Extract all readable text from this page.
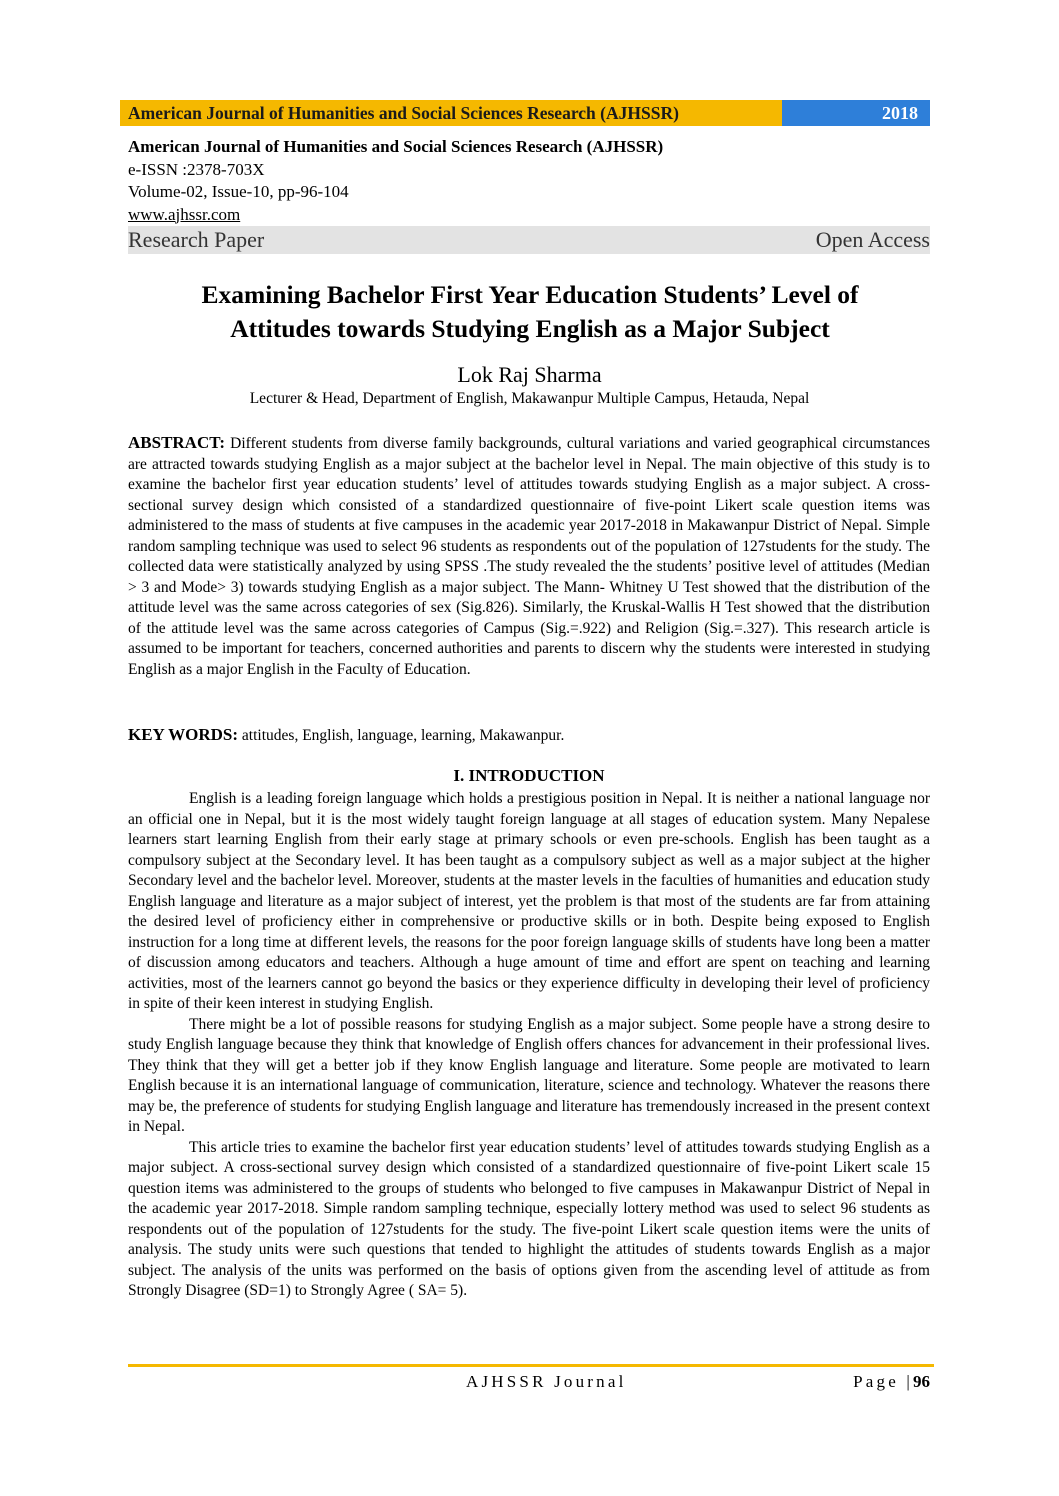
American Journal of Humanities and Social Sciences Research (AJHSSR)	2018
American Journal of Humanities and Social Sciences Research (AJHSSR)
e-ISSN :2378-703X
Volume-02, Issue-10, pp-96-104
www.ajhssr.com
Research Paper	Open Access
Examining Bachelor First Year Education Students’ Level of
Attitudes towards Studying English as a Major Subject
Lok Raj Sharma
Lecturer & Head, Department of English, Makawanpur Multiple Campus, Hetauda, Nepal

ABSTRACT: Different students from diverse family backgrounds, cultural variations and varied geographical circumstances are attracted towards studying English as a major subject at the bachelor level in Nepal. The main objective of this study is to examine the bachelor first year education students’ level of attitudes towards studying English as a major subject. A cross-sectional survey design which consisted of a standardized questionnaire of five-point Likert scale question items was administered to the mass of students at five campuses in the academic year 2017-2018 in Makawanpur District of Nepal. Simple random sampling technique was used to select 96 students as respondents out of the population of 127students for the study. The collected data were statistically analyzed by using SPSS .The study revealed the the students’ positive level of attitudes (Median > 3 and Mode> 3) towards studying English as a major subject. The Mann- Whitney U Test showed that the distribution of the attitude level was the same across categories of sex (Sig.826). Similarly, the Kruskal-Wallis H Test showed that the distribution of the attitude level was the same across categories of Campus (Sig.=.922) and Religion (Sig.=.327). This research article is assumed to be important for teachers, concerned authorities and parents to discern why the students were interested in studying English as a major English in the Faculty of Education.

KEY WORDS: attitudes, English, language, learning, Makawanpur.

I. INTRODUCTION

English is a leading foreign language which holds a prestigious position in Nepal. It is neither a national language nor an official one in Nepal, but it is the most widely taught foreign language at all stages of education system. Many Nepalese learners start learning English from their early stage at primary schools or even pre-schools. English has been taught as a compulsory subject at the Secondary level. It has been taught as a compulsory subject as well as a major subject at the higher Secondary level and the bachelor level. Moreover, students at the master levels in the faculties of humanities and education study English language and literature as a major subject of interest, yet the problem is that most of the students are far from attaining the desired level of proficiency either in comprehensive or productive skills or in both. Despite being exposed to English instruction for a long time at different levels, the reasons for the poor foreign language skills of students have long been a matter of discussion among educators and teachers. Although a huge amount of time and effort are spent on teaching and learning activities, most of the learners cannot go beyond the basics or they experience difficulty in developing their level of proficiency in spite of their keen interest in studying English.

There might be a lot of possible reasons for studying English as a major subject. Some people have a strong desire to study English language because they think that knowledge of English offers chances for advancement in their professional lives. They think that they will get a better job if they know English language and literature. Some people are motivated to learn English because it is an international language of communication, literature, science and technology. Whatever the reasons there may be, the preference of students for studying English language and literature has tremendously increased in the present context in Nepal.

This article tries to examine the bachelor first year education students’ level of attitudes towards studying English as a major subject. A cross-sectional survey design which consisted of a standardized questionnaire of five-point Likert scale 15 question items was administered to the groups of students who belonged to five campuses in Makawanpur District of Nepal in the academic year 2017-2018. Simple random sampling technique, especially lottery method was used to select 96 students as respondents out of the population of 127students for the study. The five-point Likert scale question items were the units of analysis. The study units were such questions that tended to highlight the attitudes of students towards English as a major subject. The analysis of the units was performed on the basis of options given from the ascending level of attitude as from Strongly Disagree (SD=1) to Strongly Agree ( SA= 5).

AJHSSR Journal	Page |96
